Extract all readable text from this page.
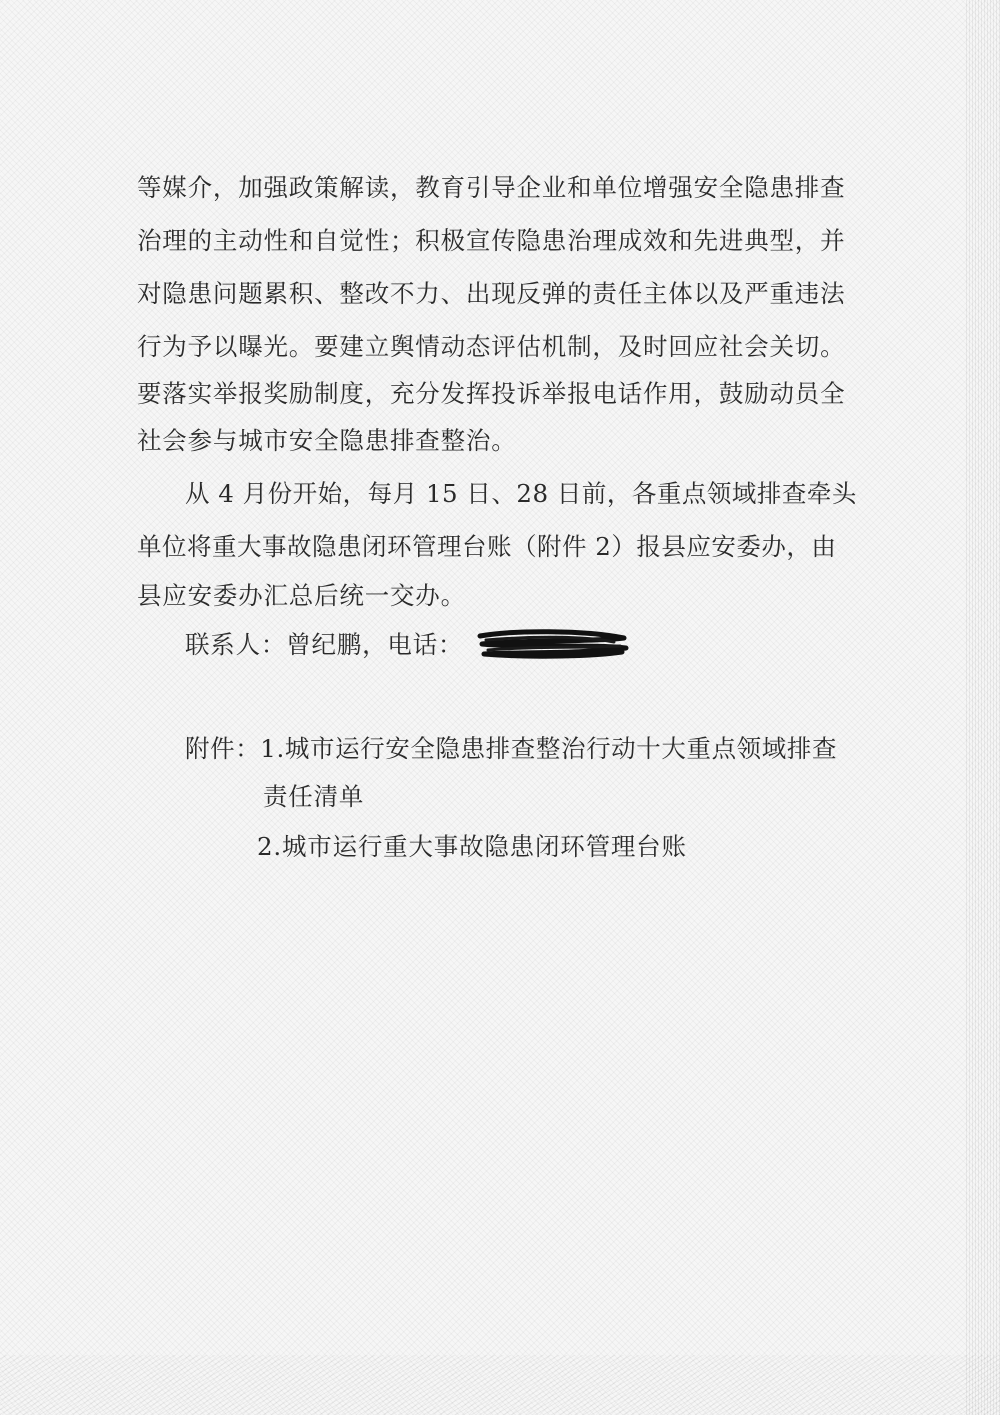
等媒介，加强政策解读，教育引导企业和单位增强安全隐患排查
治理的主动性和自觉性；积极宣传隐患治理成效和先进典型，并
对隐患问题累积、整改不力、出现反弹的责任主体以及严重违法
行为予以曝光。要建立舆情动态评估机制，及时回应社会关切。
要落实举报奖励制度，充分发挥投诉举报电话作用，鼓励动员全
社会参与城市安全隐患排查整治。
从 4 月份开始，每月 15 日、28 日前，各重点领域排查牵头
单位将重大事故隐患闭环管理台账（附件 2）报县应安委办，由
县应安委办汇总后统一交办。
联系人：曾纪鹏，电话：
附件：1.城市运行安全隐患排查整治行动十大重点领域排查
责任清单
2.城市运行重大事故隐患闭环管理台账
